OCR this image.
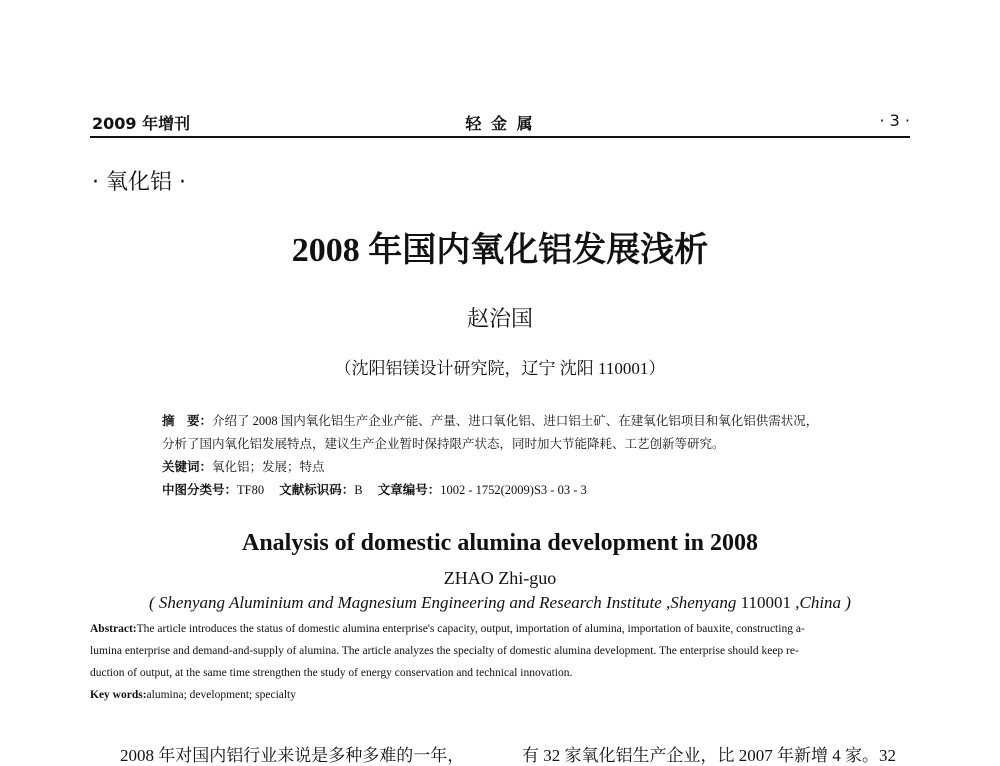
2009 年增刊	轻 金 属	· 3 ·
· 氧化铝 ·
2008 年国内氧化铝发展浅析
赵治国
（沈阳铝镁设计研究院，辽宁 沈阳 110001）
摘　要：介绍了 2008 国内氧化铝生产企业产能、产量、进口氧化铝、进口铝土矿、在建氧化铝项目和氧化铝供需状况，
分析了国内氧化铝发展特点，建议生产企业暂时保持限产状态，同时加大节能降耗、工艺创新等研究。
关键词：氧化铝；发展；特点
中图分类号：TF80 文献标识码：B 文章编号：1002 - 1752(2009)S3 - 03 - 3
Analysis of domestic alumina development in 2008
ZHAO Zhi-guo
( Shenyang Aluminium and Magnesium Engineering and Research Institute ,Shenyang 110001 ,China )
Abstract:The article introduces the status of domestic alumina enterprise's capacity, output, importation of alumina, importation of bauxite, constructing a-
lumina enterprise and demand-and-supply of alumina. The article analyzes the specialty of domestic alumina development. The enterprise should keep re-
duction of output, at the same time strengthen the study of energy conservation and technical innovation.
Key words:alumina; development; specialty
2008 年对国内铝行业来说是多种多难的一年，	有 32 家氧化铝生产企业，比 2007 年新增 4 家。32
